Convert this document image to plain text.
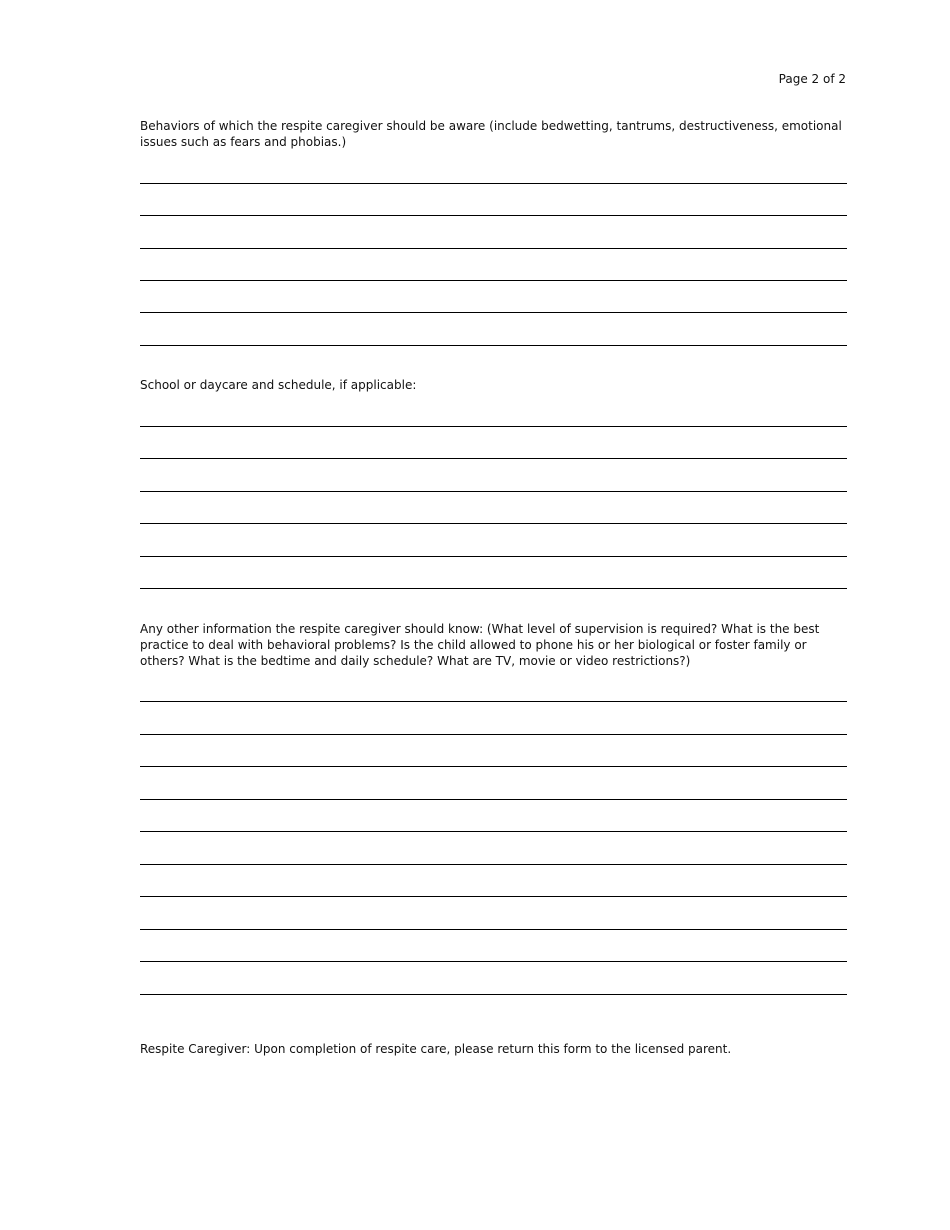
Page 2 of 2

Behaviors of which the respite caregiver should be aware (include bedwetting, tantrums, destructiveness, emotional issues such as fears and phobias.)

School or daycare and schedule, if applicable:

Any other information the respite caregiver should know: (What level of supervision is required? What is the best practice to deal with behavioral problems? Is the child allowed to phone his or her biological or foster family or others? What is the bedtime and daily schedule? What are TV, movie or video restrictions?)

Respite Caregiver: Upon completion of respite care, please return this form to the licensed parent.
